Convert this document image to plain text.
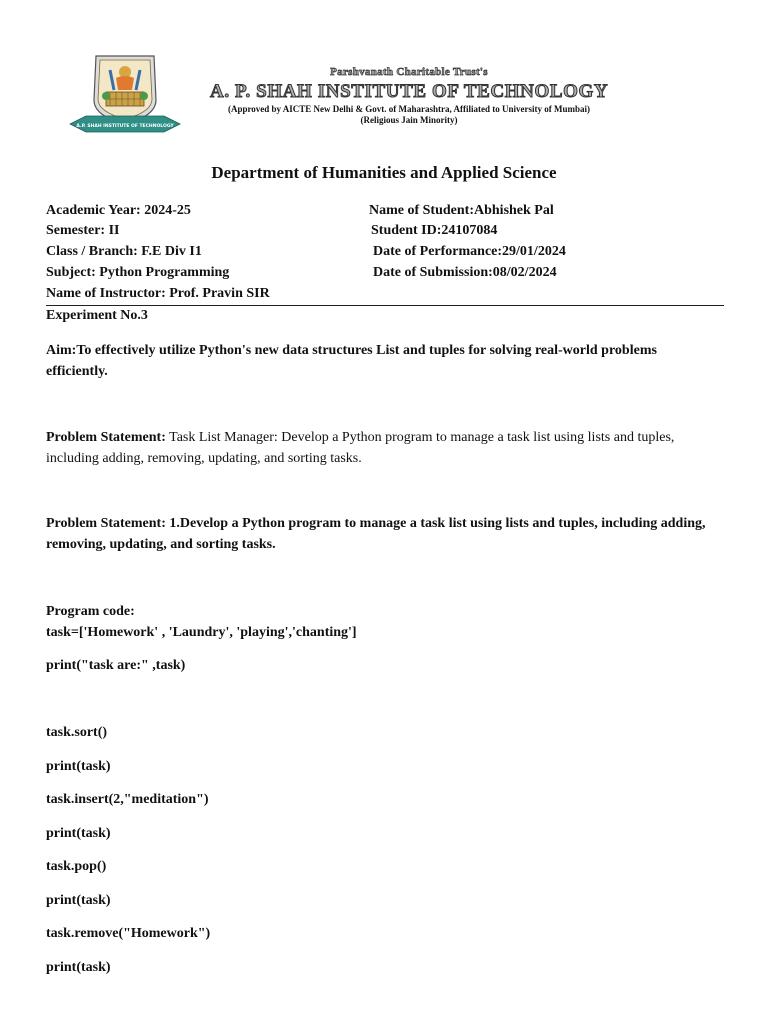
A.P. SHAH INSTITUTE OF TECHNOLOGY
Parshvanath Charitable Trust's
A. P. SHAH INSTITUTE OF TECHNOLOGY
(Approved by AICTE New Delhi & Govt. of Maharashtra, Affiliated to University of Mumbai)
(Religious Jain Minority)
Department of Humanities and Applied Science
Academic Year: 2024-25
Semester: II
Class / Branch: F.E Div I1
Subject: Python Programming
Name of Instructor: Prof. Pravin SIR
Name of Student:Abhishek Pal
Student ID:24107084
Date of Performance:29/01/2024
Date of Submission:08/02/2024
Experiment No.3
Aim:To effectively utilize Python's new data structures List and tuples for solving real-world problems efficiently.
Problem Statement: Task List Manager: Develop a Python program to manage a task list using lists and tuples, including adding, removing, updating, and sorting tasks.
Problem Statement: 1.Develop a Python program to manage a task list using lists and tuples, including adding, removing, updating, and sorting tasks.
Program code:
task=['Homework' , 'Laundry', 'playing','chanting']
print("task are:" ,task)
task.sort()
print(task)
task.insert(2,"meditation")
print(task)
task.pop()
print(task)
task.remove("Homework")
print(task)
